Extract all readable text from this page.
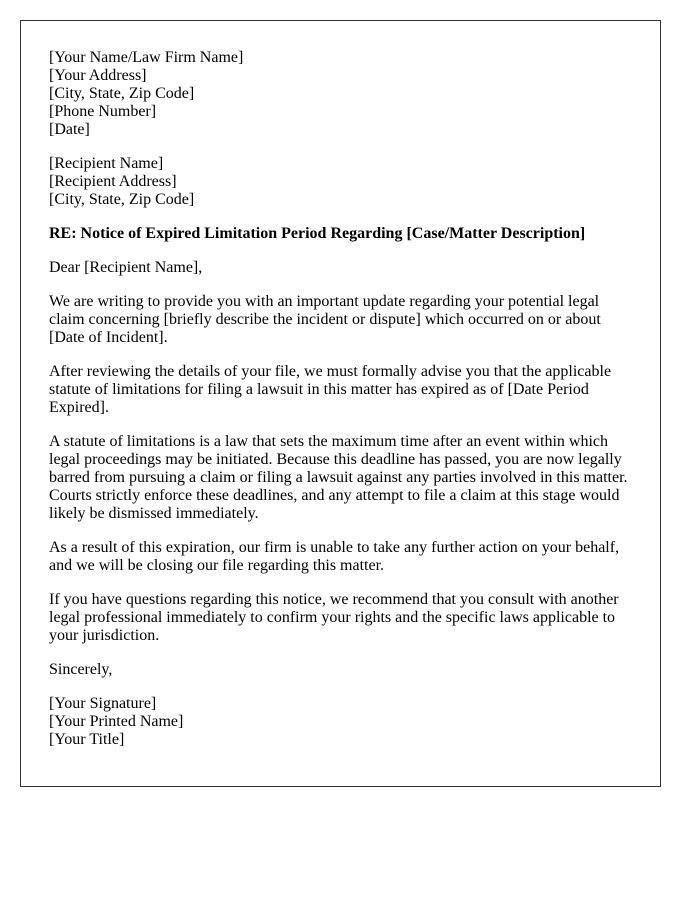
[Your Name/Law Firm Name]
[Your Address]
[City, State, Zip Code]
[Phone Number]
[Date]
[Recipient Name]
[Recipient Address]
[City, State, Zip Code]

RE: Notice of Expired Limitation Period Regarding [Case/Matter Description]

Dear [Recipient Name],

We are writing to provide you with an important update regarding your potential legal claim concerning [briefly describe the incident or dispute] which occurred on or about [Date of Incident].

After reviewing the details of your file, we must formally advise you that the applicable statute of limitations for filing a lawsuit in this matter has expired as of [Date Period Expired].

A statute of limitations is a law that sets the maximum time after an event within which legal proceedings may be initiated. Because this deadline has passed, you are now legally barred from pursuing a claim or filing a lawsuit against any parties involved in this matter. Courts strictly enforce these deadlines, and any attempt to file a claim at this stage would likely be dismissed immediately.

As a result of this expiration, our firm is unable to take any further action on your behalf, and we will be closing our file regarding this matter.

If you have questions regarding this notice, we recommend that you consult with another legal professional immediately to confirm your rights and the specific laws applicable to your jurisdiction.

Sincerely,

[Your Signature]
[Your Printed Name]
[Your Title]
